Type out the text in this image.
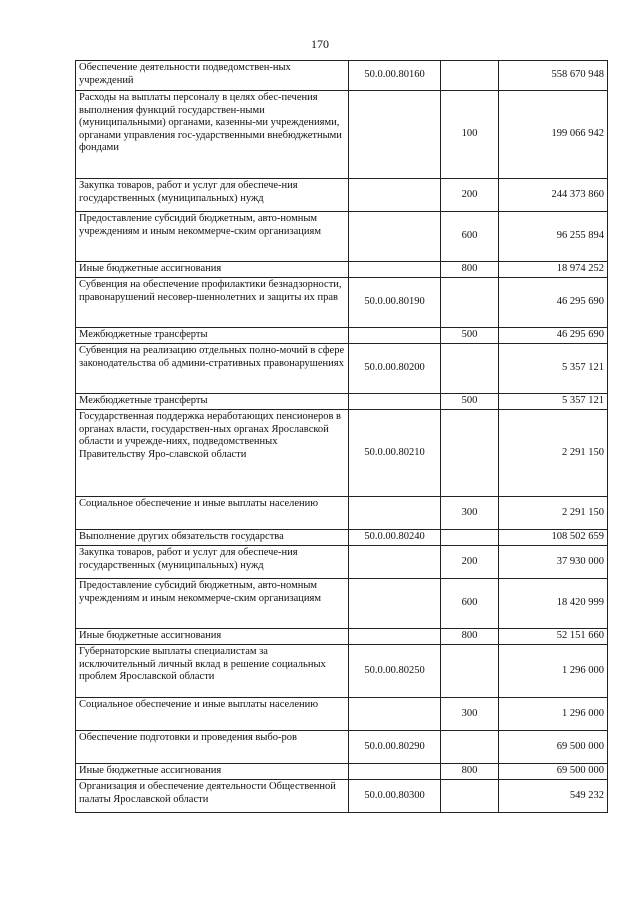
170
Обеспечение деятельности подведомствен-ных учреждений	50.0.00.80160		558 670 948
Расходы на выплаты персоналу в целях обес-печения выполнения функций государствен-ными (муниципальными) органами, казенны-ми учреждениями, органами управления гос-ударственными внебюджетными фондами		100	199 066 942
Закупка товаров, работ и услуг для обеспече-ния государственных (муниципальных) нужд		200	244 373 860
Предоставление субсидий бюджетным, авто-номным учреждениям и иным некоммерче-ским организациям		600	96 255 894
Иные бюджетные ассигнования		800	18 974 252
Субвенция на обеспечение профилактики безнадзорности, правонарушений несовер-шеннолетних и защиты их прав	50.0.00.80190		46 295 690
Межбюджетные трансферты		500	46 295 690
Субвенция на реализацию отдельных полно-мочий в сфере законодательства об админи-стративных правонарушениях	50.0.00.80200		5 357 121
Межбюджетные трансферты		500	5 357 121
Государственная поддержка неработающих пенсионеров в органах власти, государствен-ных органах Ярославской области и учрежде-ниях, подведомственных Правительству Яро-славской области	50.0.00.80210		2 291 150
Социальное обеспечение и иные выплаты населению		300	2 291 150
Выполнение других обязательств государства	50.0.00.80240		108 502 659
Закупка товаров, работ и услуг для обеспече-ния государственных (муниципальных) нужд		200	37 930 000
Предоставление субсидий бюджетным, авто-номным учреждениям и иным некоммерче-ским организациям		600	18 420 999
Иные бюджетные ассигнования		800	52 151 660
Губернаторские выплаты специалистам за исключительный личный вклад в решение социальных проблем Ярославской области	50.0.00.80250		1 296 000
Социальное обеспечение и иные выплаты населению		300	1 296 000
Обеспечение подготовки и проведения выбо-ров	50.0.00.80290		69 500 000
Иные бюджетные ассигнования		800	69 500 000
Организация и обеспечение деятельности Общественной палаты Ярославской области	50.0.00.80300		549 232
